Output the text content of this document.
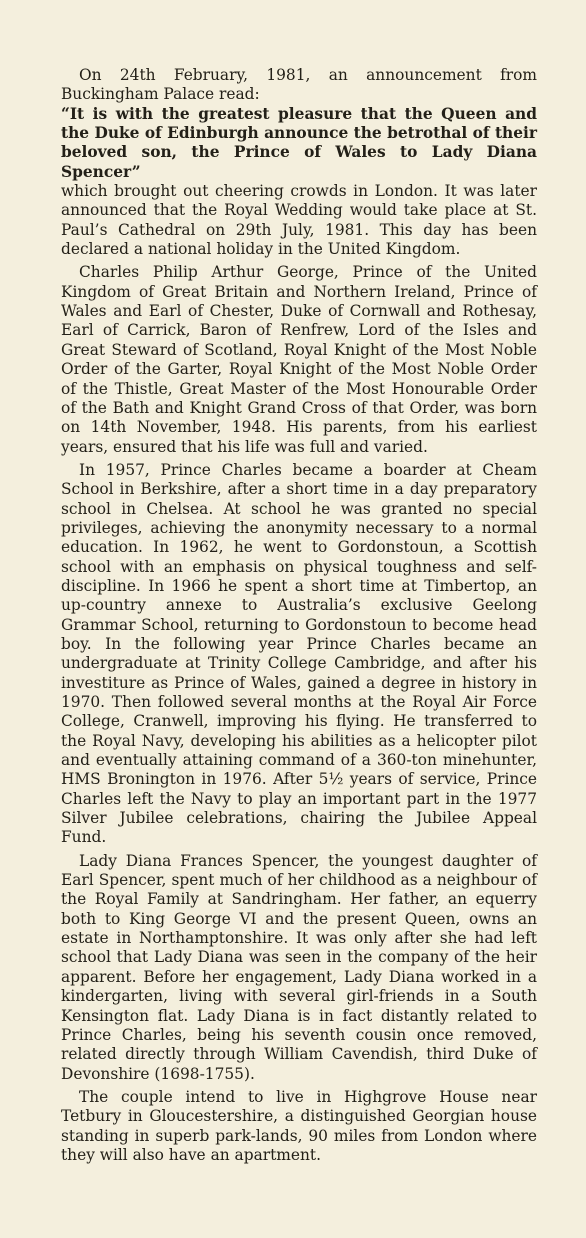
On 24th February, 1981, an announcement from Buckingham Palace read:

“It is with the greatest pleasure that the Queen and the Duke of Edinburgh announce the betrothal of their beloved son, the Prince of Wales to Lady Diana Spencer”

which brought out cheering crowds in London. It was later announced that the Royal Wedding would take place at St. Paul’s Cathedral on 29th July, 1981. This day has been declared a national holiday in the United Kingdom.

Charles Philip Arthur George, Prince of the United Kingdom of Great Britain and Northern Ireland, Prince of Wales and Earl of Chester, Duke of Cornwall and Rothesay, Earl of Carrick, Baron of Renfrew, Lord of the Isles and Great Steward of Scotland, Royal Knight of the Most Noble Order of the Garter, Royal Knight of the Most Noble Order of the Thistle, Great Master of the Most Honourable Order of the Bath and Knight Grand Cross of that Order, was born on 14th November, 1948. His parents, from his earliest years, ensured that his life was full and varied.

In 1957, Prince Charles became a boarder at Cheam School in Berkshire, after a short time in a day preparatory school in Chelsea. At school he was granted no special privileges, achieving the anonymity necessary to a normal education. In 1962, he went to Gordonstoun, a Scottish school with an emphasis on physical toughness and self-discipline. In 1966 he spent a short time at Timbertop, an up-country annexe to Australia’s exclusive Geelong Grammar School, returning to Gordonstoun to become head boy. In the following year Prince Charles became an undergraduate at Trinity College Cambridge, and after his investiture as Prince of Wales, gained a degree in history in 1970. Then followed several months at the Royal Air Force College, Cranwell, improving his flying. He transferred to the Royal Navy, developing his abilities as a helicopter pilot and eventually attaining command of a 360-ton minehunter, HMS Bronington in 1976. After 5½ years of service, Prince Charles left the Navy to play an important part in the 1977 Silver Jubilee celebrations, chairing the Jubilee Appeal Fund.

Lady Diana Frances Spencer, the youngest daughter of Earl Spencer, spent much of her childhood as a neighbour of the Royal Family at Sandringham. Her father, an equerry both to King George VI and the present Queen, owns an estate in Northamptonshire. It was only after she had left school that Lady Diana was seen in the company of the heir apparent. Before her engagement, Lady Diana worked in a kindergarten, living with several girl-friends in a South Kensington flat. Lady Diana is in fact distantly related to Prince Charles, being his seventh cousin once removed, related directly through William Cavendish, third Duke of Devonshire (1698-1755).

The couple intend to live in Highgrove House near Tetbury in Gloucestershire, a distinguished Georgian house standing in superb park-lands, 90 miles from London where they will also have an apartment.
